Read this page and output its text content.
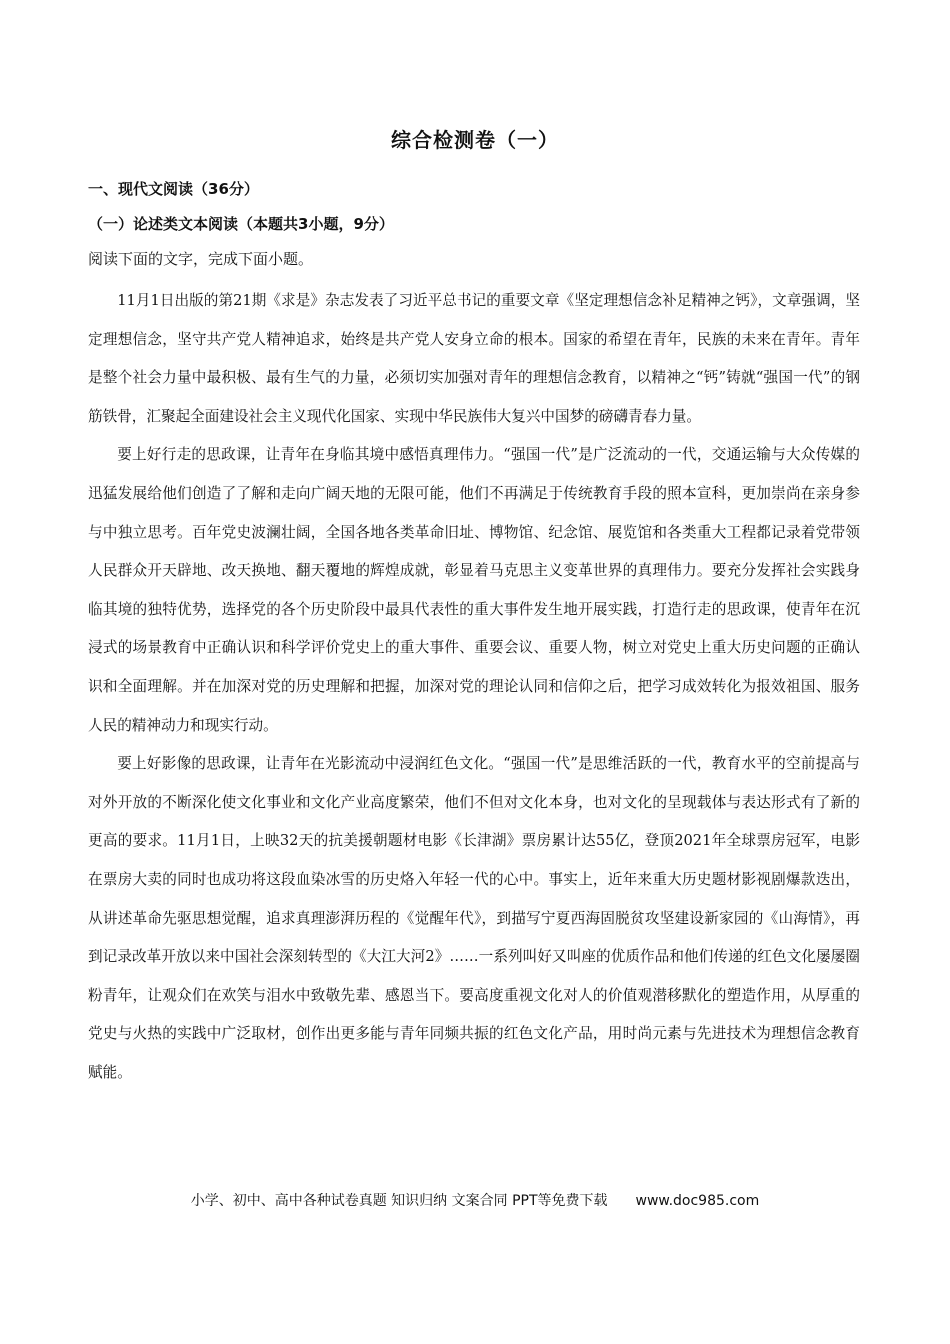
综合检测卷（一）
一、现代文阅读（36分）
（一）论述类文本阅读（本题共3小题，9分）

阅读下面的文字，完成下面小题。

11月1日出版的第21期《求是》杂志发表了习近平总书记的重要文章《坚定理想信念补足精神之钙》，文章强调，坚定理想信念，坚守共产党人精神追求，始终是共产党人安身立命的根本。国家的希望在青年，民族的未来在青年。青年是整个社会力量中最积极、最有生气的力量，必须切实加强对青年的理想信念教育，以精神之“钙”铸就“强国一代”的钢筋铁骨，汇聚起全面建设社会主义现代化国家、实现中华民族伟大复兴中国梦的磅礴青春力量。

要上好行走的思政课，让青年在身临其境中感悟真理伟力。“强国一代”是广泛流动的一代，交通运输与大众传媒的迅猛发展给他们创造了了解和走向广阔天地的无限可能，他们不再满足于传统教育手段的照本宣科，更加崇尚在亲身参与中独立思考。百年党史波澜壮阔，全国各地各类革命旧址、博物馆、纪念馆、展览馆和各类重大工程都记录着党带领人民群众开天辟地、改天换地、翻天覆地的辉煌成就，彰显着马克思主义变革世界的真理伟力。要充分发挥社会实践身临其境的独特优势，选择党的各个历史阶段中最具代表性的重大事件发生地开展实践，打造行走的思政课，使青年在沉浸式的场景教育中正确认识和科学评价党史上的重大事件、重要会议、重要人物，树立对党史上重大历史问题的正确认识和全面理解。并在加深对党的历史理解和把握，加深对党的理论认同和信仰之后，把学习成效转化为报效祖国、服务人民的精神动力和现实行动。

要上好影像的思政课，让青年在光影流动中浸润红色文化。“强国一代”是思维活跃的一代，教育水平的空前提高与对外开放的不断深化使文化事业和文化产业高度繁荣，他们不但对文化本身，也对文化的呈现载体与表达形式有了新的更高的要求。11月1日，上映32天的抗美援朝题材电影《长津湖》票房累计达55亿，登顶2021年全球票房冠军，电影在票房大卖的同时也成功将这段血染冰雪的历史烙入年轻一代的心中。事实上，近年来重大历史题材影视剧爆款迭出，从讲述革命先驱思想觉醒，追求真理澎湃历程的《觉醒年代》，到描写宁夏西海固脱贫攻坚建设新家园的《山海情》，再到记录改革开放以来中国社会深刻转型的《大江大河2》……一系列叫好又叫座的优质作品和他们传递的红色文化屡屡圈粉青年，让观众们在欢笑与泪水中致敬先辈、感恩当下。要高度重视文化对人的价值观潜移默化的塑造作用，从厚重的党史与火热的实践中广泛取材，创作出更多能与青年同频共振的红色文化产品，用时尚元素与先进技术为理想信念教育赋能。

小学、初中、高中各种试卷真题 知识归纳 文案合同 PPT等免费下载 www.doc985.com
